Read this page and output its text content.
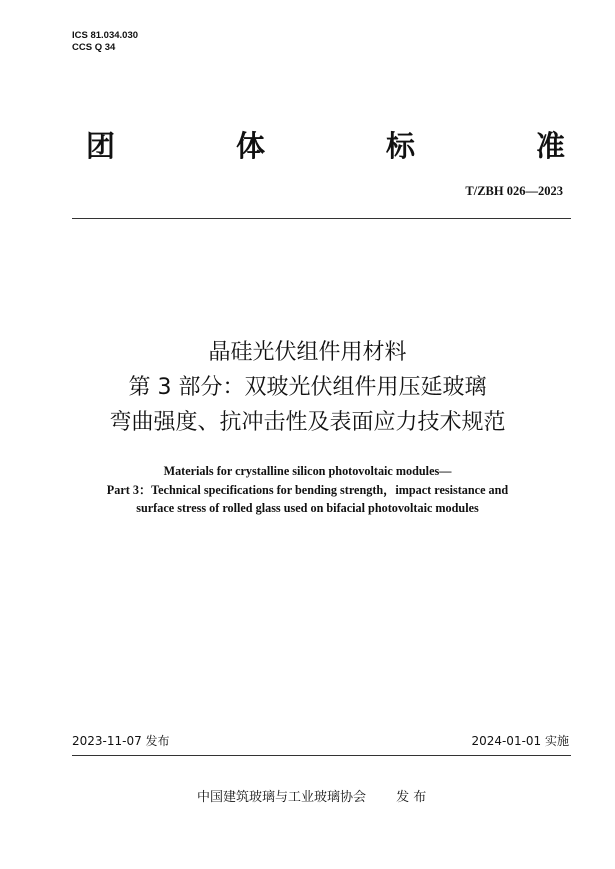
ICS 81.034.030
CCS Q 34
团	体	标	准
T/ZBH 026—2023
晶硅光伏组件用材料
第 3 部分：双玻光伏组件用压延玻璃
弯曲强度、抗冲击性及表面应力技术规范
Materials for crystalline silicon photovoltaic modules—
Part 3：Technical specifications for bending strength，impact resistance and
surface stress of rolled glass used on bifacial photovoltaic modules
2023-11-07 发布	2024-01-01 实施

中国建筑玻璃与工业玻璃协会 发 布
